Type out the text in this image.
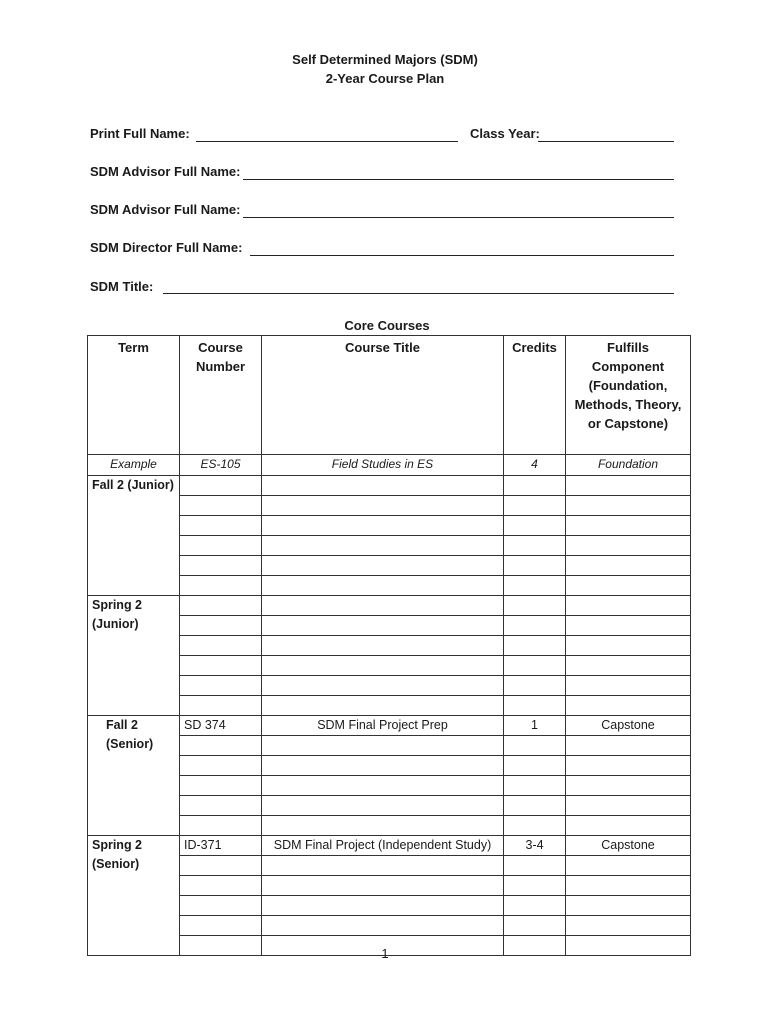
Self Determined Majors (SDM)
2-Year Course Plan
Print Full Name:	Class Year:
SDM Advisor Full Name:
SDM Advisor Full Name:
SDM Director Full Name:
SDM Title:
Core Courses
Term	Course Number	Course Title	Credits	Fulfills Component (Foundation, Methods, Theory, or Capstone)
Example	ES-105	Field Studies in ES	4	Foundation
Fall 2 (Junior)				

Spring 2 (Junior)				

Fall 2 (Senior)	SD 374	SDM Final Project Prep	1	Capstone

Spring 2 (Senior)	ID-371	SDM Final Project (Independent Study)	3-4	Capstone

1
